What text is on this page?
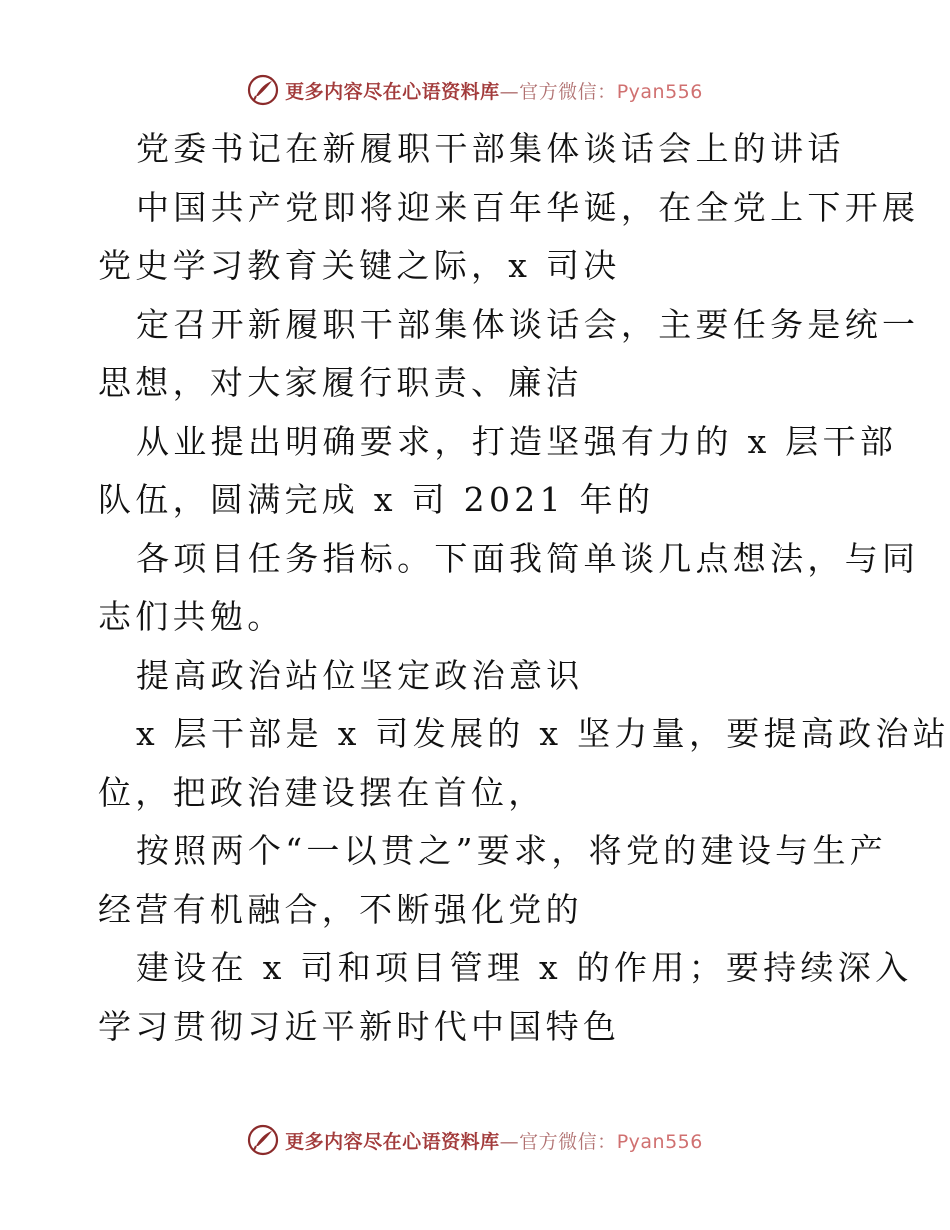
更多内容尽在心语资料库—官方微信：Pyan556
党委书记在新履职干部集体谈话会上的讲话
中国共产党即将迎来百年华诞，在全党上下开展
党史学习教育关键之际，x 司决
定召开新履职干部集体谈话会，主要任务是统一
思想，对大家履行职责、廉洁
从业提出明确要求，打造坚强有力的 x 层干部
队伍，圆满完成 x 司 2021 年的
各项目任务指标。下面我简单谈几点想法，与同
志们共勉。
提高政治站位坚定政治意识
x 层干部是 x 司发展的 x 坚力量，要提高政治站
位，把政治建设摆在首位，
按照两个“一以贯之”要求，将党的建设与生产
经营有机融合，不断强化党的
建设在 x 司和项目管理 x 的作用；要持续深入
学习贯彻习近平新时代中国特色
更多内容尽在心语资料库—官方微信：Pyan556
